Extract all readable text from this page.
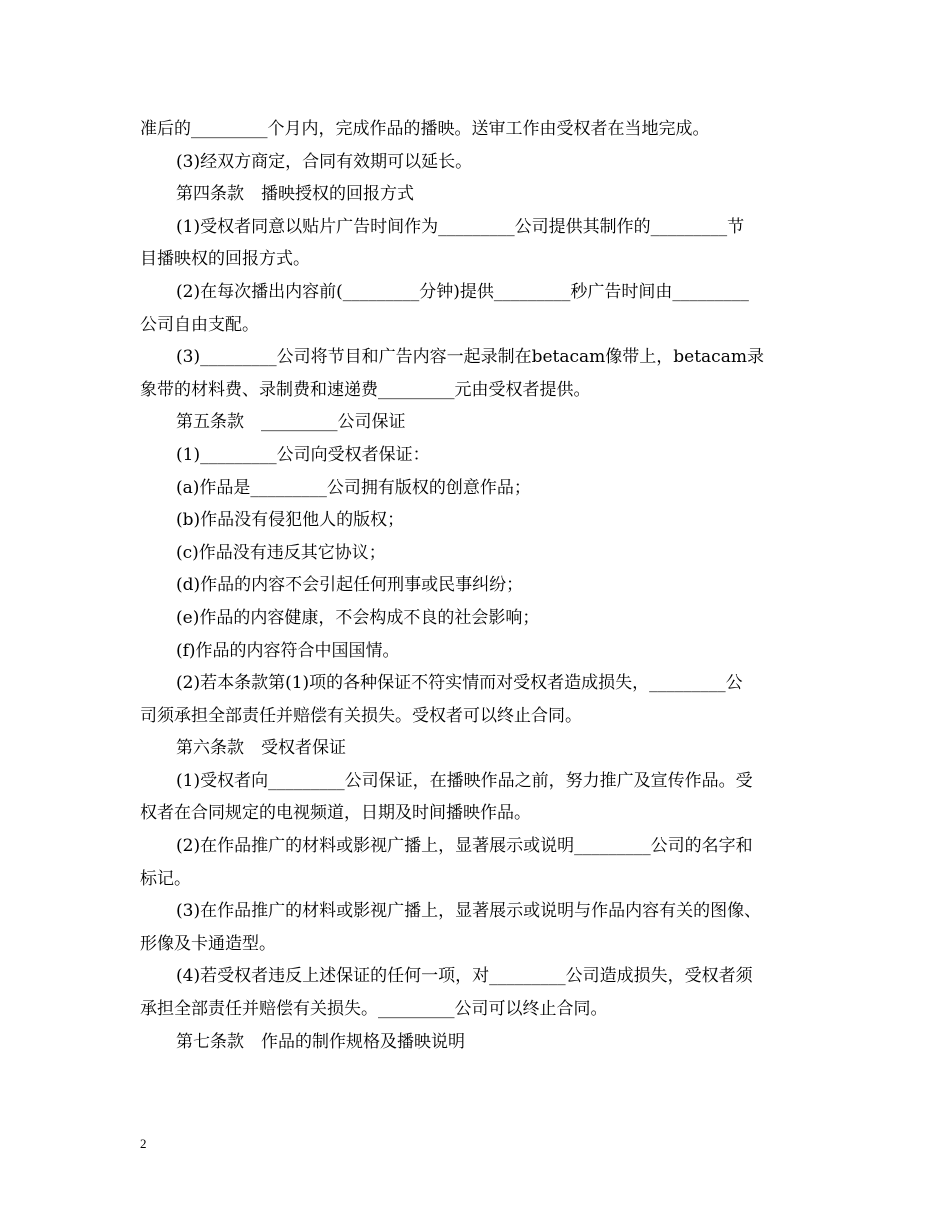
准后的_________个月内，完成作品的播映。送审工作由受权者在当地完成。
(3)经双方商定，合同有效期可以延长。
第四条款　播映授权的回报方式
(1)受权者同意以贴片广告时间作为_________公司提供其制作的_________节
目播映权的回报方式。
(2)在每次播出内容前(_________分钟)提供_________秒广告时间由_________
公司自由支配。
(3)_________公司将节目和广告内容一起录制在betacam像带上，betacam录
象带的材料费、录制费和速递费_________元由受权者提供。
第五条款　_________公司保证
(1)_________公司向受权者保证：
(a)作品是_________公司拥有版权的创意作品；
(b)作品没有侵犯他人的版权；
(c)作品没有违反其它协议；
(d)作品的内容不会引起任何刑事或民事纠纷；
(e)作品的内容健康，不会构成不良的社会影响；
(f)作品的内容符合中国国情。
(2)若本条款第(1)项的各种保证不符实情而对受权者造成损失，_________公
司须承担全部责任并赔偿有关损失。受权者可以终止合同。
第六条款　受权者保证
(1)受权者向_________公司保证，在播映作品之前，努力推广及宣传作品。受
权者在合同规定的电视频道，日期及时间播映作品。
(2)在作品推广的材料或影视广播上，显著展示或说明_________公司的名字和
标记。
(3)在作品推广的材料或影视广播上，显著展示或说明与作品内容有关的图像、
形像及卡通造型。
(4)若受权者违反上述保证的任何一项，对_________公司造成损失，受权者须
承担全部责任并赔偿有关损失。_________公司可以终止合同。
第七条款　作品的制作规格及播映说明
2
